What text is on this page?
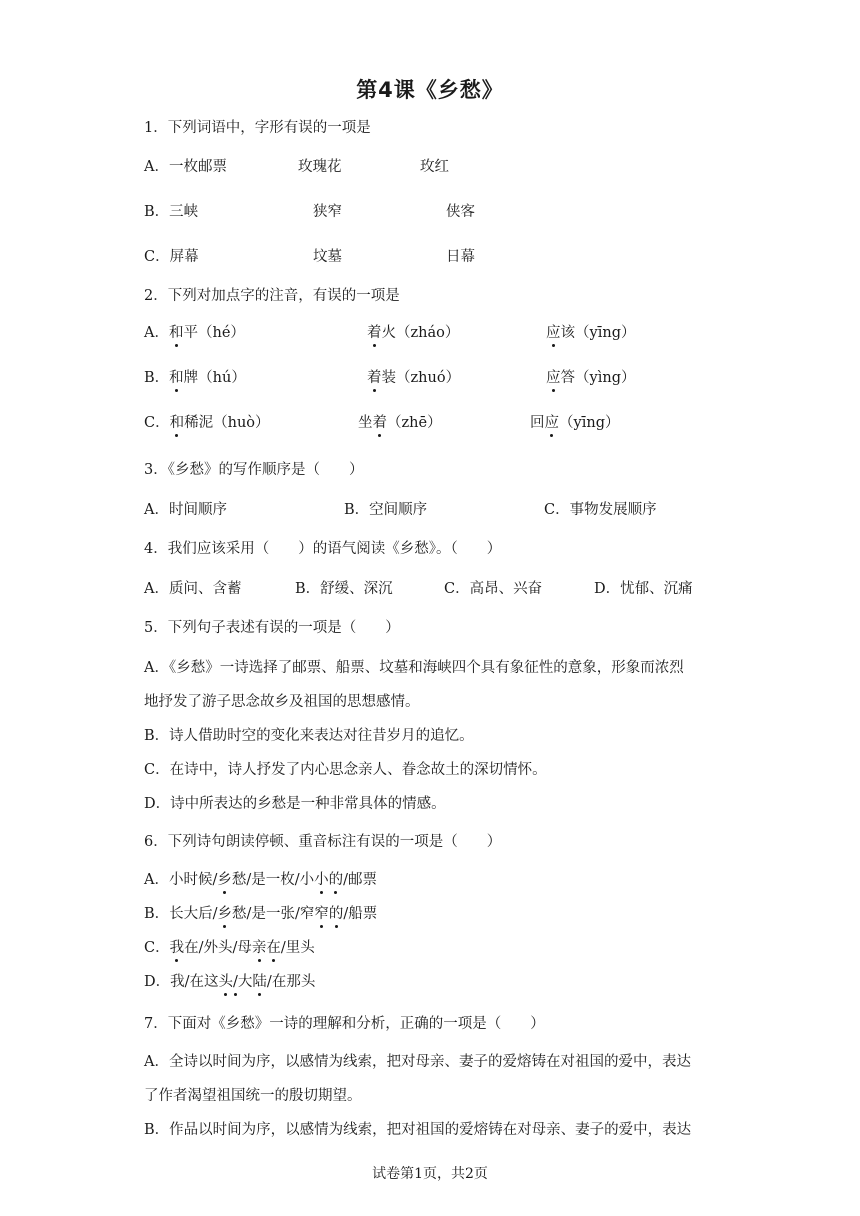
第4课《乡愁》
1．下列词语中，字形有误的一项是
A．一枚邮票	玫瑰花	玫红
B．三峡	狭窄	侠客
C．屏幕	坟墓	日幕
2．下列对加点字的注音，有误的一项是
A．和平（hé）	着火（zháo）	应该（yīng）
B．和牌（hú）	着装（zhuó）	应答（yìng）
C．和稀泥（huò）	坐着（zhē）	回应（yīng）
3．《乡愁》的写作顺序是（　　）
A．时间顺序	B．空间顺序	C．事物发展顺序
4．我们应该采用（　　）的语气阅读《乡愁》。（　　）
A．质问、含蓄	B．舒缓、深沉	C．高昂、兴奋	D．忧郁、沉痛
5．下列句子表述有误的一项是（　　）
A．《乡愁》一诗选择了邮票、船票、坟墓和海峡四个具有象征性的意象，形象而浓烈
地抒发了游子思念故乡及祖国的思想感情。
B．诗人借助时空的变化来表达对往昔岁月的追忆。
C．在诗中，诗人抒发了内心思念亲人、眷念故土的深切情怀。
D．诗中所表达的乡愁是一种非常具体的情感。
6．下列诗句朗读停顿、重音标注有误的一项是（　　）
A．小时候/乡愁/是一枚/小小的/邮票
B．长大后/乡愁/是一张/窄窄的/船票
C．我在/外头/母亲在/里头
D．我/在这头/大陆/在那头
7．下面对《乡愁》一诗的理解和分析，正确的一项是（　　）
A．全诗以时间为序，以感情为线索，把对母亲、妻子的爱熔铸在对祖国的爱中，表达
了作者渴望祖国统一的殷切期望。
B．作品以时间为序，以感情为线索，把对祖国的爱熔铸在对母亲、妻子的爱中，表达
试卷第1页，共2页
